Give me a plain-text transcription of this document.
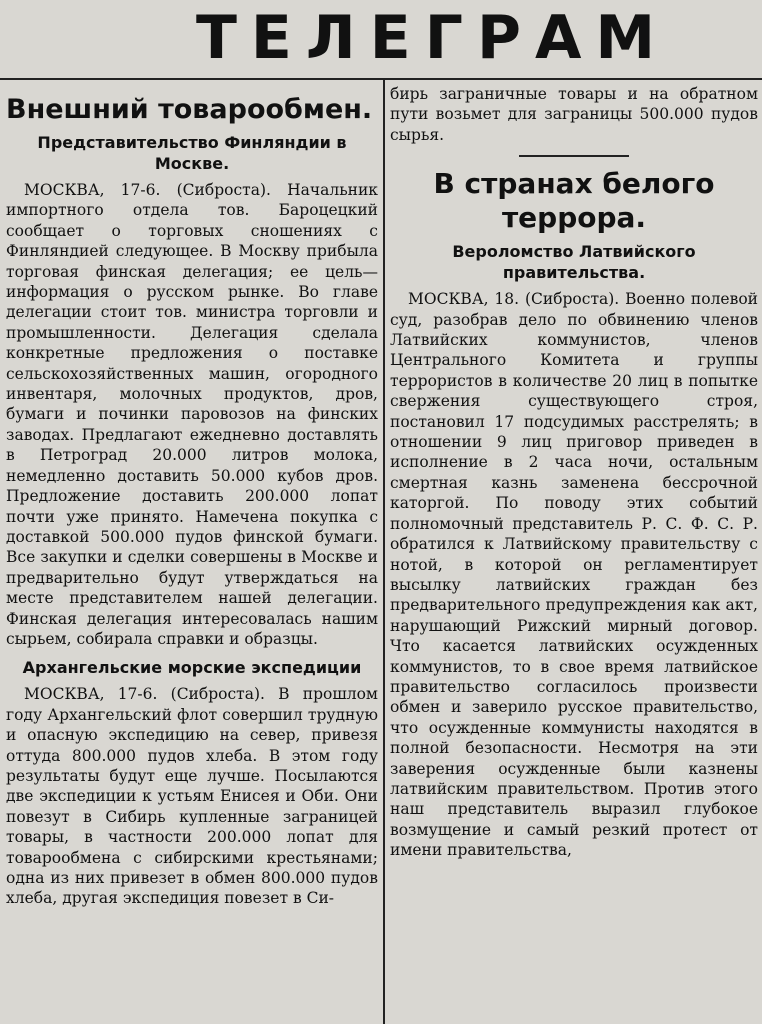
ТЕЛЕГРАМ
Внешний товарообмен.
Представительство Финляндии в Москве.

МОСКВА, 17-6. (Сиброста). Начальник импортного отдела тов. Бароцецкий сообщает о торговых сношениях с Финляндией следующее. В Москву прибыла торговая финская делегация; ее цель—информация о русском рынке. Во главе делегации стоит тов. министра торговли и промышленности. Делегация сделала конкретные предложения о поставке сельскохозяйственных машин, огородного инвентаря, молочных продуктов, дров, бумаги и починки паровозов на финских заводах. Предлагают ежедневно доставлять в Петроград 20.000 литров молока, немедленно доставить 50.000 кубов дров. Предложение доставить 200.000 лопат почти уже принято. Намечена покупка с доставкой 500.000 пудов финской бумаги. Все закупки и сделки совершены в Москве и предварительно будут утверждаться на месте представителем нашей делегации. Финская делегация интересовалась нашим сырьем, собирала справки и образцы.

Архангельские морские экспедиции

МОСКВА, 17-6. (Сиброста). В прошлом году Архангельский флот совершил трудную и опасную экспедицию на север, привезя оттуда 800.000 пудов хлеба. В этом году результаты будут еще лучше. Посылаются две экспедиции к устьям Енисея и Оби. Они повезут в Сибирь купленные заграницей товары, в частности 200.000 лопат для товарообмена с сибирскими крестьянами; одна из них привезет в обмен 800.000 пудов хлеба, другая экспедиция повезет в Си-

бирь заграничные товары и на обратном пути возьмет для заграницы 500.000 пудов сырья.

В странах белого террора.
Вероломство Латвийского правительства.

МОСКВА, 18. (Сиброста). Военно полевой суд, разобрав дело по обвинению членов Латвийских коммунистов, членов Центрального Комитета и группы террористов в количестве 20 лиц в попытке свержения существующего строя, постановил 17 подсудимых расстрелять; в отношении 9 лиц приговор приведен в исполнение в 2 часа ночи, остальным смертная казнь заменена бессрочной каторгой. По поводу этих событий полномочный представитель Р. С. Ф. С. Р. обратился к Латвийскому правительству с нотой, в которой он регламентирует высылку латвийских граждан без предварительного предупреждения как акт, нарушающий Рижский мирный договор. Что касается латвийских осужденных коммунистов, то в свое время латвийское правительство согласилось произвести обмен и заверило русское правительство, что осужденные коммунисты находятся в полной безопасности. Несмотря на эти заверения осужденные были казнены латвийским правительством. Против этого наш представитель выразил глубокое возмущение и самый резкий протест от имени правительства,
